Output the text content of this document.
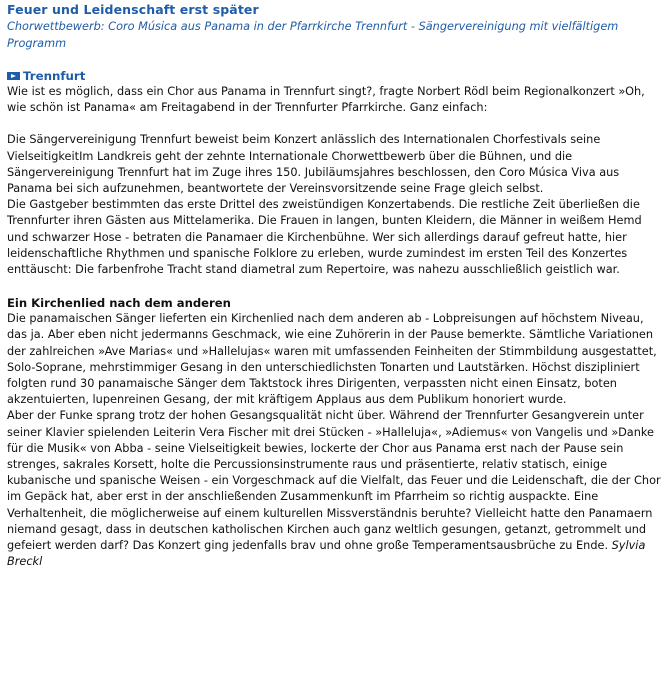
Feuer und Leidenschaft erst später

Chorwettbewerb: Coro Música aus Panama in der Pfarrkirche Trennfurt - Sängervereinigung mit vielfältigem Programm

Trennfurt

Wie ist es möglich, dass ein Chor aus Panama in Trennfurt singt?, fragte Norbert Rödl beim Regionalkonzert »Oh, wie schön ist Panama« am Freitagabend in der Trennfurter Pfarrkirche. Ganz einfach:

Die Sängervereinigung Trennfurt beweist beim Konzert anlässlich des Internationalen Chorfestivals seine VielseitigkeitIm Landkreis geht der zehnte Internationale Chorwettbewerb über die Bühnen, und die Sängervereinigung Trennfurt hat im Zuge ihres 150. Jubiläumsjahres beschlossen, den Coro Música Viva aus Panama bei sich aufzunehmen, beantwortete der Vereinsvorsitzende seine Frage gleich selbst.

Die Gastgeber bestimmten das erste Drittel des zweistündigen Konzertabends. Die restliche Zeit überließen die Trennfurter ihren Gästen aus Mittelamerika. Die Frauen in langen, bunten Kleidern, die Männer in weißem Hemd und schwarzer Hose - betraten die Panamaer die Kirchenbühne. Wer sich allerdings darauf gefreut hatte, hier leidenschaftliche Rhythmen und spanische Folklore zu erleben, wurde zumindest im ersten Teil des Konzertes enttäuscht: Die farbenfrohe Tracht stand diametral zum Repertoire, was nahezu ausschließlich geistlich war.

Ein Kirchenlied nach dem anderen

Die panamaischen Sänger lieferten ein Kirchenlied nach dem anderen ab - Lobpreisungen auf höchstem Niveau, das ja. Aber eben nicht jedermanns Geschmack, wie eine Zuhörerin in der Pause bemerkte. Sämtliche Variationen der zahlreichen »Ave Marias« und »Hallelujas« waren mit umfassenden Feinheiten der Stimmbildung ausgestattet, Solo-Soprane, mehrstimmiger Gesang in den unterschiedlichsten Tonarten und Lautstärken. Höchst diszipliniert folgten rund 30 panamaische Sänger dem Taktstock ihres Dirigenten, verpassten nicht einen Einsatz, boten akzentuierten, lupenreinen Gesang, der mit kräftigem Applaus aus dem Publikum honoriert wurde.

Aber der Funke sprang trotz der hohen Gesangsqualität nicht über. Während der Trennfurter Gesangverein unter seiner Klavier spielenden Leiterin Vera Fischer mit drei Stücken - »Halleluja«, »Adiemus« von Vangelis und »Danke für die Musik« von Abba - seine Vielseitigkeit bewies, lockerte der Chor aus Panama erst nach der Pause sein strenges, sakrales Korsett, holte die Percussionsinstrumente raus und präsentierte, relativ statisch, einige kubanische und spanische Weisen - ein Vorgeschmack auf die Vielfalt, das Feuer und die Leidenschaft, die der Chor im Gepäck hat, aber erst in der anschließenden Zusammenkunft im Pfarrheim so richtig auspackte. Eine Verhaltenheit, die möglicherweise auf einem kulturellen Missverständnis beruhte? Vielleicht hatte den Panamaern niemand gesagt, dass in deutschen katholischen Kirchen auch ganz weltlich gesungen, getanzt, getrommelt und gefeiert werden darf? Das Konzert ging jedenfalls brav und ohne große Temperamentsausbrüche zu Ende. Sylvia Breckl
